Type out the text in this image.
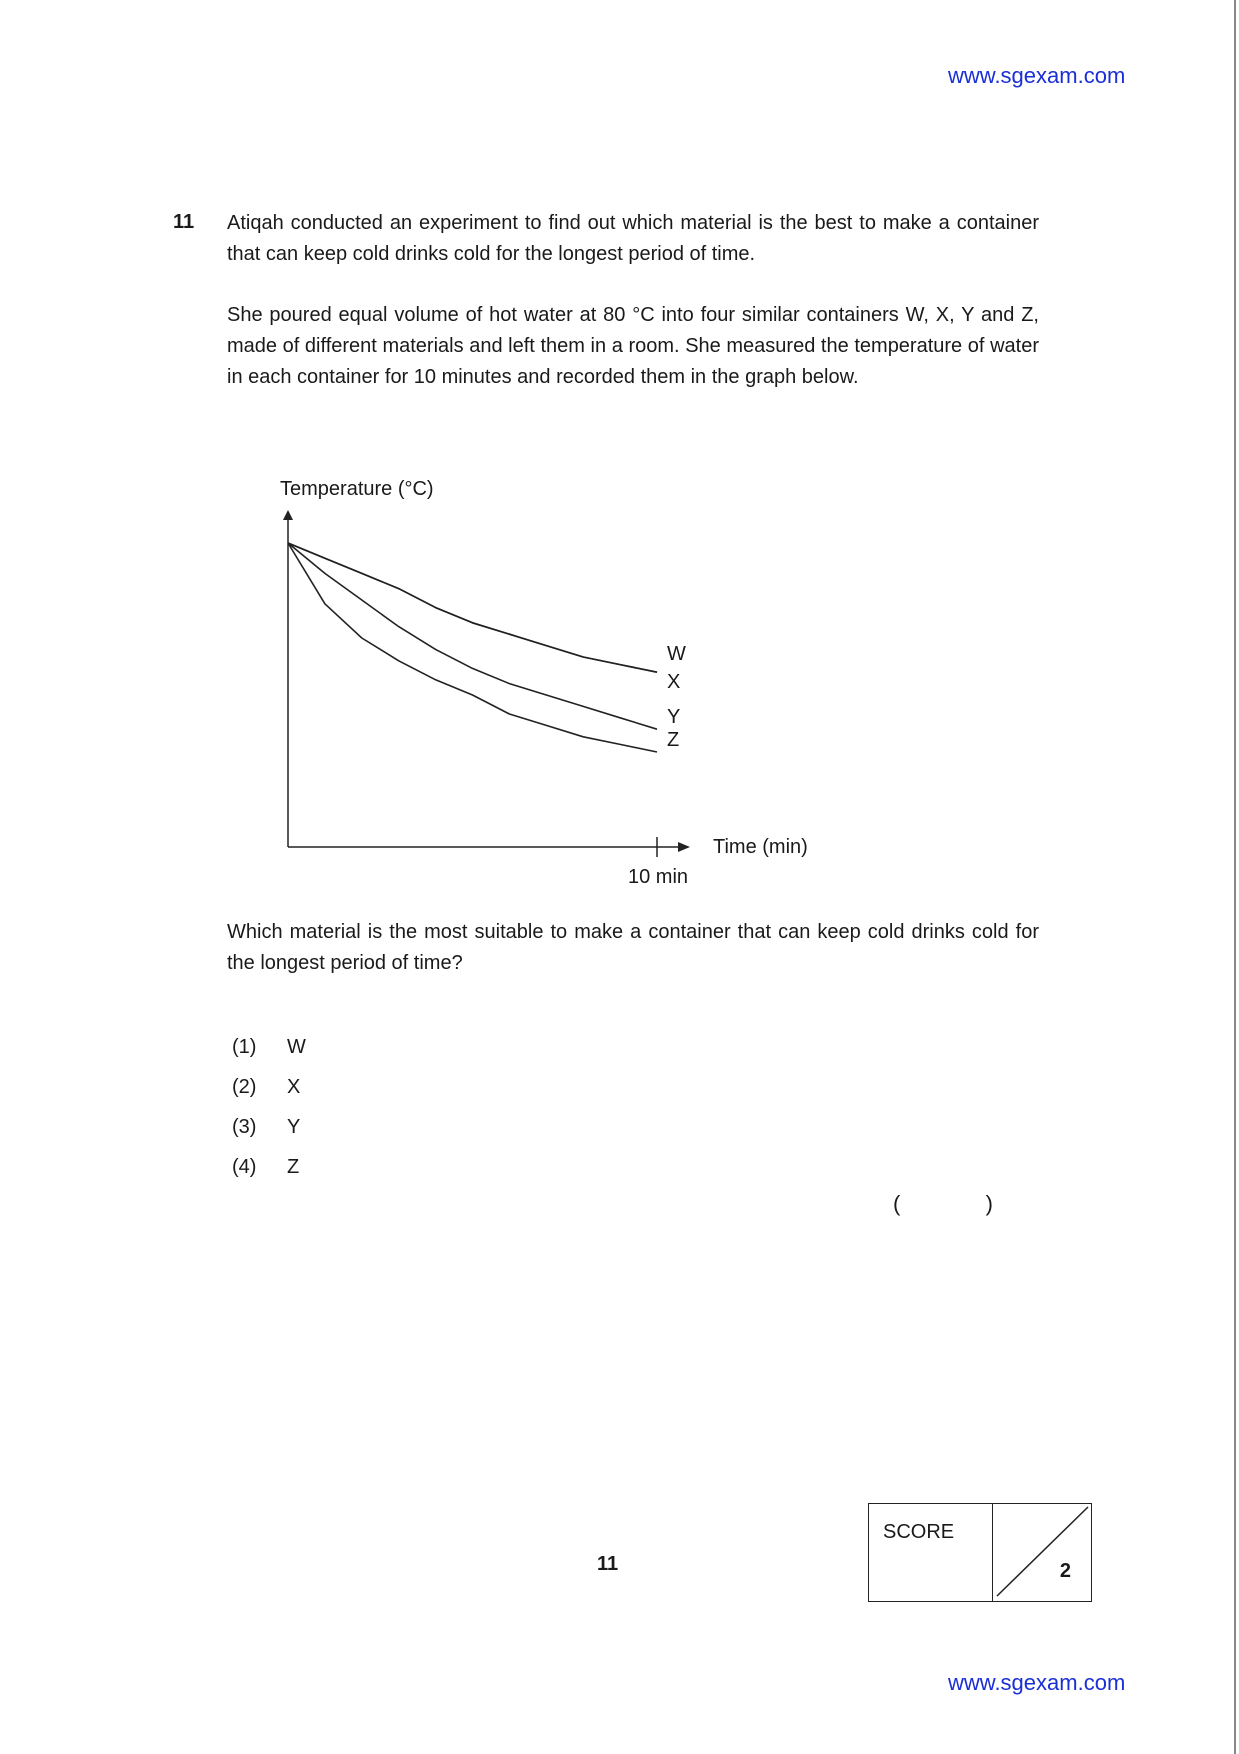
www.sgexam.com
11 Atiqah conducted an experiment to find out which material is the best to make a container that can keep cold drinks cold for the longest period of time.
She poured equal volume of hot water at 80 °C into four similar containers W, X, Y and Z, made of different materials and left them in a room. She measured the temperature of water in each container for 10 minutes and recorded them in the graph below.
Temperature (°C)
Time (min)
10 min
W
X
Y
Z
Which material is the most suitable to make a container that can keep cold drinks cold for the longest period of time?
(1)	W
(2)	X
(3)	Y
(4)	Z
(	)
11
SCORE
2
www.sgexam.com
